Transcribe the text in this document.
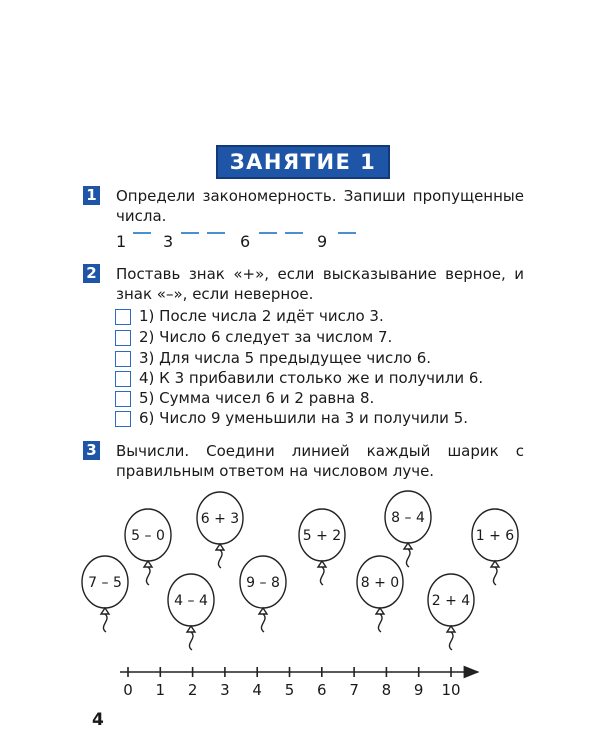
ЗАНЯТИЕ 1
1 Определи закономерность. Запиши пропущенные числа.
1 3	6	9
2 Поставь знак «+», если высказывание верное, и знак «–», если неверное.
1) После числа 2 идёт число 3.
2) Число 6 следует за числом 7.
3) Для числа 5 предыдущее число 6.
4) К 3 прибавили столько же и получили 6.
5) Сумма чисел 6 и 2 равна 8.
6) Число 9 уменьшили на 3 и получили 5.
3 Вычисли. Соедини линией каждый шарик с правильным ответом на числовом луче.
5 – 0
6 + 3
5 + 2
8 – 4
1 + 6
7 – 5
4 – 4
9 – 8	8 + 0
2 + 4
0 1 2 3 4 5 6 7 8 9 10
4
